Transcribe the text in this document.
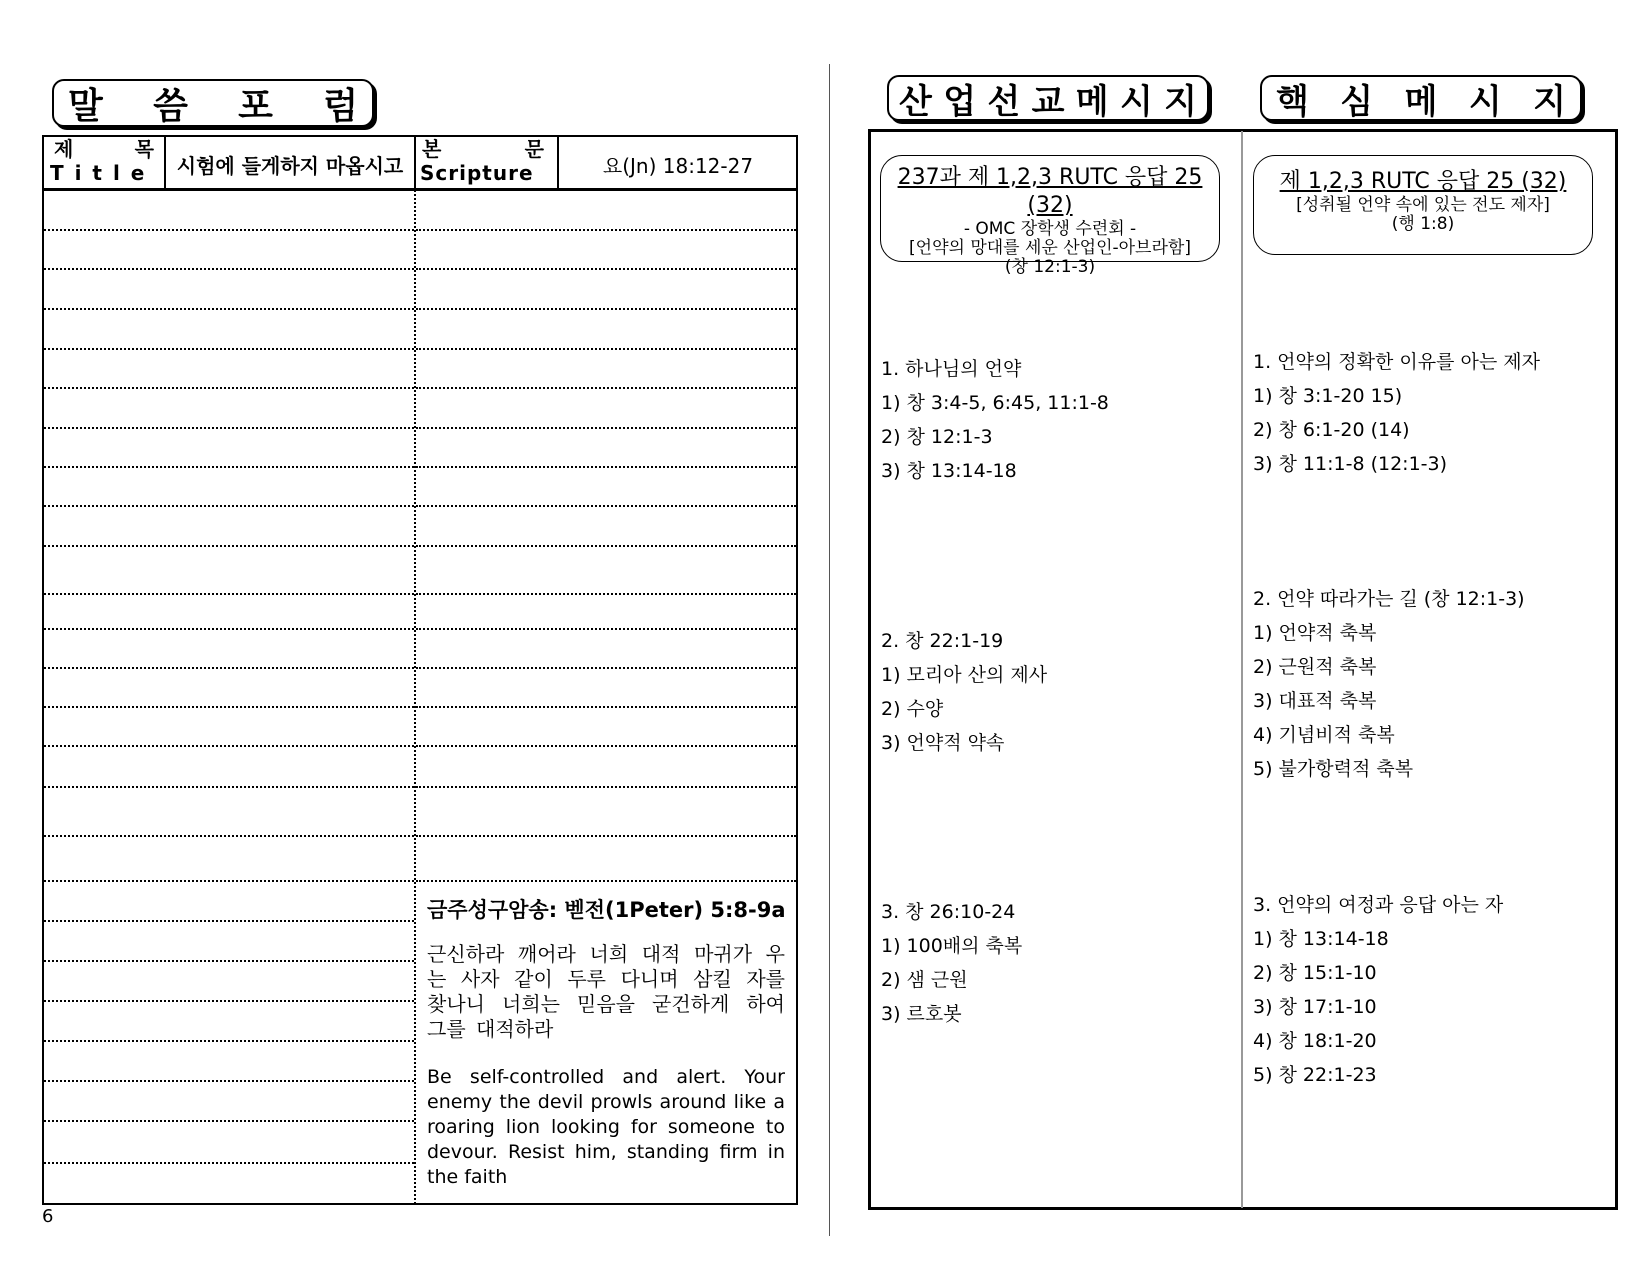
말 씀 포 럼
제	목
T i t l e	시험에 들게하지 마옵시고
본	문
Scripture	요(Jn) 18:12-27
금주성구암송: 벧전(1Peter) 5:8-9a
근신하라 깨어라 너희 대적 마귀가 우는 사자 같이 두루 다니며 삼킬 자를 찾나니 너희는 믿음을 굳건하게 하여 그를 대적하라
Be self-controlled and alert. Your enemy the devil prowls around like a roaring lion looking for someone to devour. Resist him, standing firm in the faith
6
산 업 선 교 메 시 지 핵 심 메 시 지
237과 제 1,2,3 RUTC 응답 25 (32)
- OMC 장학생 수련회 -
[언약의 망대를 세운 산업인-아브라함]
(창 12:1-3)
제 1,2,3 RUTC 응답 25 (32)
[성취될 언약 속에 있는 전도 제자]
(행 1:8)
1. 하나님의 언약
1) 창 3:4-5, 6:45, 11:1-8
2) 창 12:1-3
3) 창 13:14-18
2. 창 22:1-19
1) 모리아 산의 제사
2) 수양
3) 언약적 약속
3. 창 26:10-24
1) 100배의 축복
2) 샘 근원
3) 르호봇
1. 언약의 정확한 이유를 아는 제자
1) 창 3:1-20 15)
2) 창 6:1-20 (14)
3) 창 11:1-8 (12:1-3)
2. 언약 따라가는 길 (창 12:1-3)
1) 언약적 축복
2) 근원적 축복
3) 대표적 축복
4) 기념비적 축복
5) 불가항력적 축복
3. 언약의 여정과 응답 아는 자
1) 창 13:14-18
2) 창 15:1-10
3) 창 17:1-10
4) 창 18:1-20
5) 창 22:1-23
